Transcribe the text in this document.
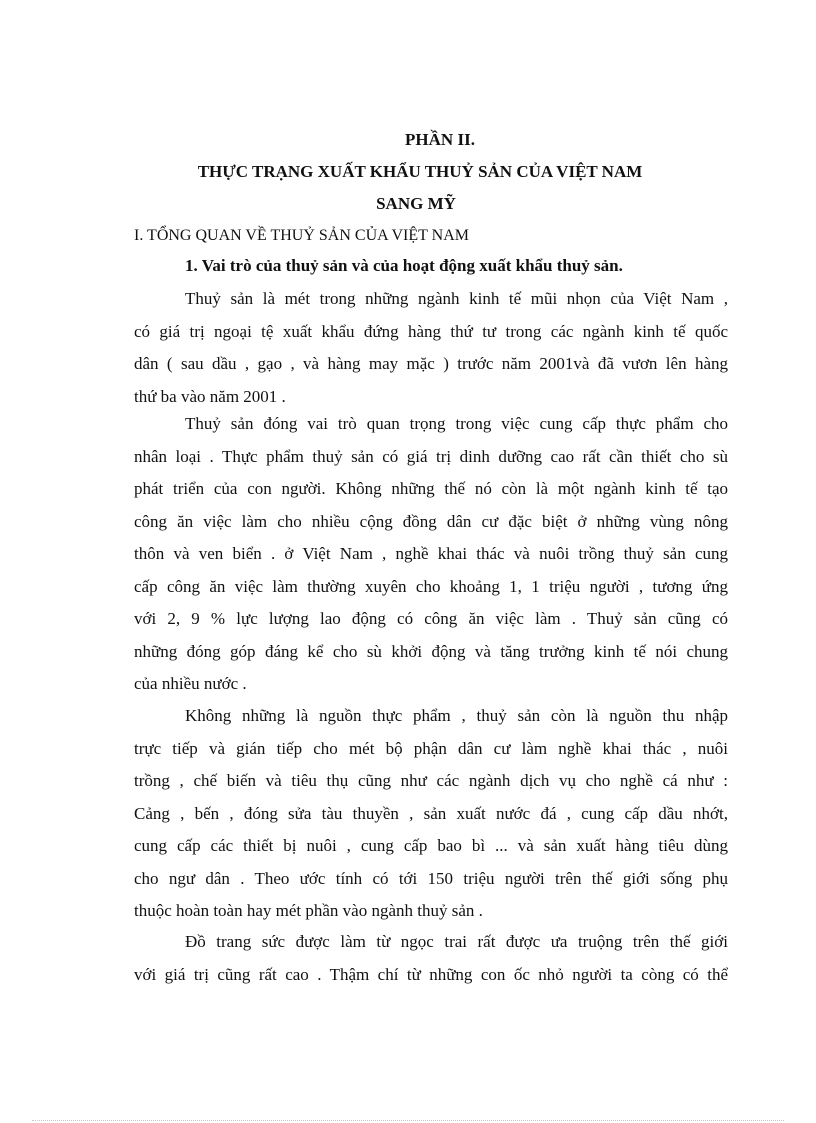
PHẦN II.
THỰC TRẠNG XUẤT KHẨU THUỶ SẢN CỦA VIỆT NAM
SANG MỸ
I. TỔNG QUAN VỀ THUỶ SẢN CỦA VIỆT NAM
1. Vai trò của thuỷ sản và của hoạt động xuất khẩu thuỷ sản.
Thuỷ sản là mét trong những ngành kinh tế mũi nhọn của Việt Nam ,
có giá trị ngoại tệ xuất khẩu đứng hàng thứ tư trong các ngành kinh tế quốc
dân ( sau dầu , gạo , và hàng may mặc ) trước năm 2001và đã vươn lên hàng
thứ ba vào năm 2001 .
Thuỷ sản đóng vai trò quan trọng trong việc cung cấp thực phẩm cho
nhân loại . Thực phẩm thuỷ sản có giá trị dinh dưỡng cao rất cần thiết cho sù
phát triển của con người. Không những thế nó còn là một ngành kinh tế tạo
công ăn việc làm cho nhiều cộng đồng dân cư đặc biệt ở những vùng nông
thôn và ven biển . ở Việt Nam , nghề khai thác và nuôi trồng thuỷ sản cung
cấp công ăn việc làm thường xuyên cho khoảng 1, 1 triệu người , tương ứng
với 2, 9 % lực lượng lao động có công ăn việc làm . Thuỷ sản cũng có
những đóng góp đáng kể cho sù khởi động và tăng trưởng kinh tế nói chung
của nhiều nước .
Không những là nguồn thực phẩm , thuỷ sản còn là nguồn thu nhập
trực tiếp và gián tiếp cho mét bộ phận dân cư làm nghề khai thác , nuôi
trồng , chế biến và tiêu thụ cũng như các ngành dịch vụ cho nghề cá như :
Cảng , bến , đóng sửa tàu thuyền , sản xuất nước đá , cung cấp dầu nhớt,
cung cấp các thiết bị nuôi , cung cấp bao bì ... và sản xuất hàng tiêu dùng
cho ngư dân . Theo ước tính có tới 150 triệu người trên thế giới sống phụ
thuộc hoàn toàn hay mét phần vào ngành thuỷ sản .
Đồ trang sức được làm từ ngọc trai rất được ưa truộng trên thế giới
với giá trị cũng rất cao . Thậm chí từ những con ốc nhỏ người ta còng có thể
